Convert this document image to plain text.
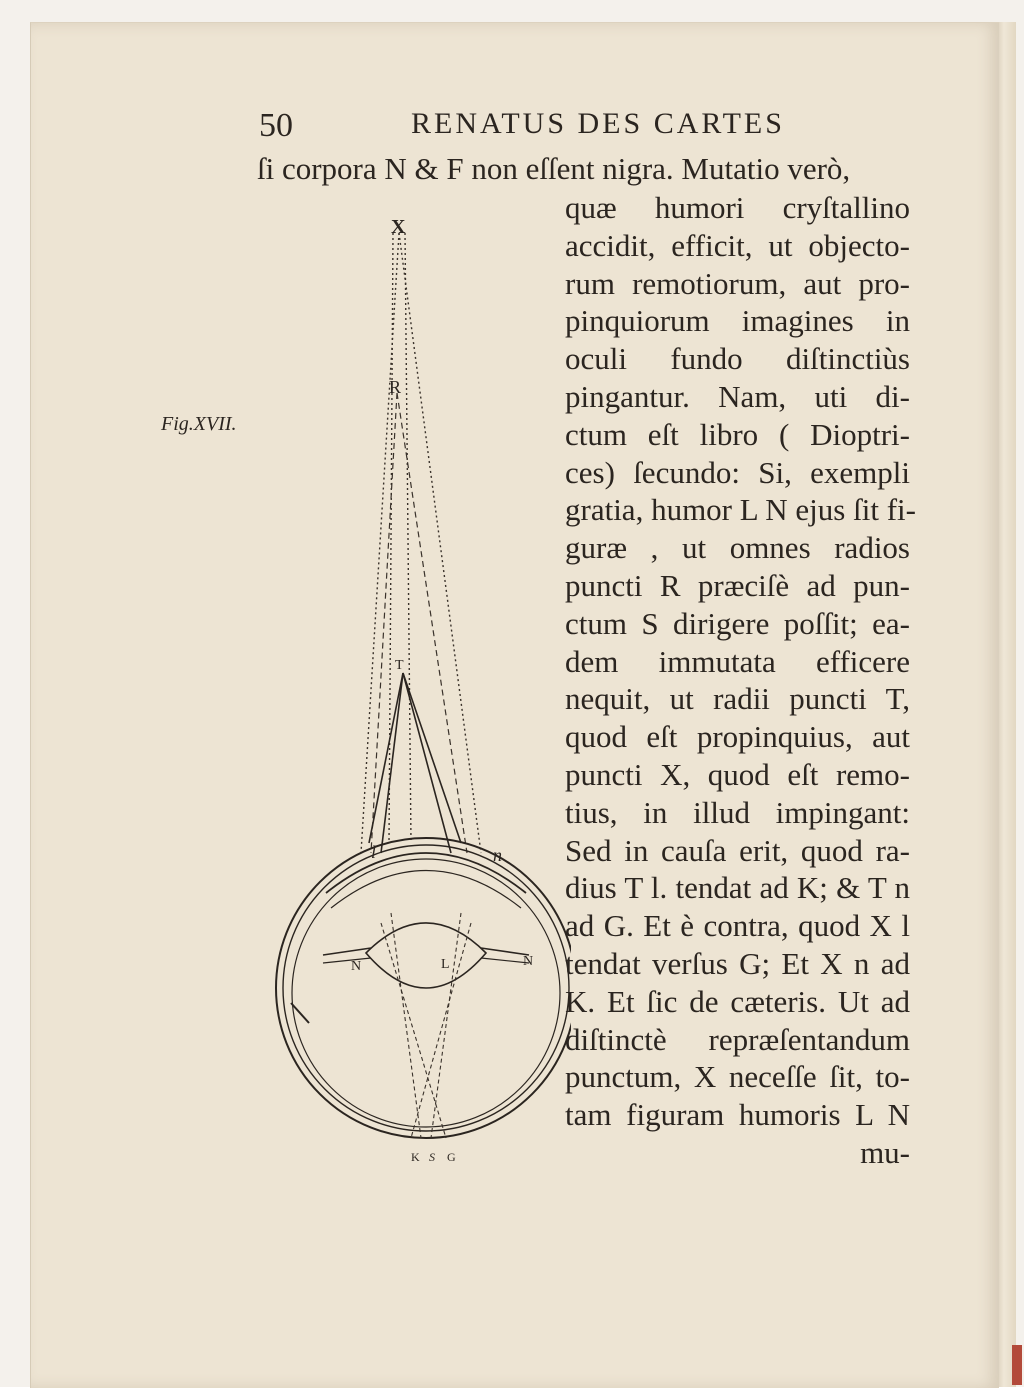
50	RENATUS DES CARTES
ſi corpora N & F non eſſent nigra. Mutatio verò,
Fig.XVII.
X
R
T
l	n
N	N
L
K S G
quæ humori cryſtallino
accidit, efficit, ut objecto-
rum remotiorum, aut pro-
pinquiorum imagines in
oculi fundo diſtinctiùs
pingantur. Nam, uti di-
ctum eſt libro ( Dioptri-
ces) ſecundo: Si, exempli
gratia, humor L N ejus ſit fi-
guræ , ut omnes radios
puncti R præciſè ad pun-
ctum S dirigere poſſit; ea-
dem immutata efficere
nequit, ut radii puncti T,
quod eſt propinquius, aut
puncti X, quod eſt remo-
tius, in illud impingant:
Sed in cauſa erit, quod ra-
dius T l. tendat ad K; & T n
ad G. Et è contra, quod X l
tendat verſus G; Et X n ad
K. Et ſic de cæteris. Ut ad
diſtinctè repræſentandum
punctum, X neceſſe ſit, to-
tam figuram humoris L N
mu-
